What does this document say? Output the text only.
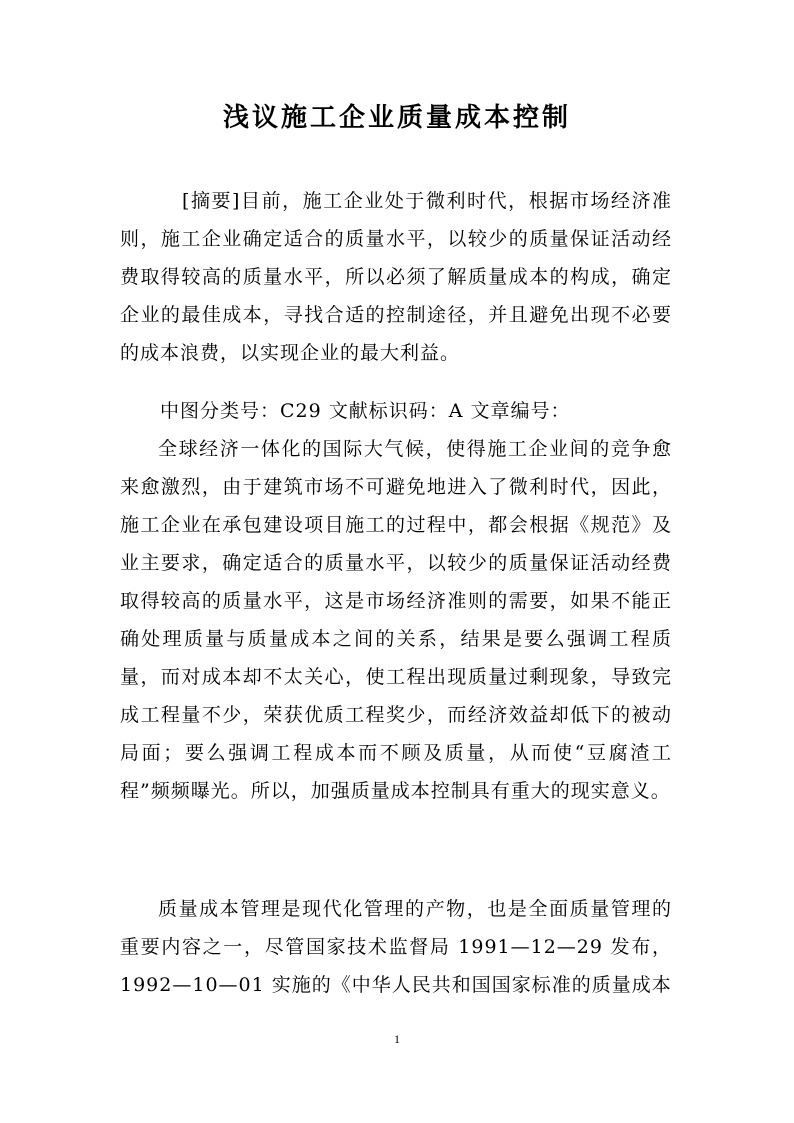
浅议施工企业质量成本控制

[摘要]目前，施工企业处于微利时代，根据市场经济准则，施工企业确定适合的质量水平，以较少的质量保证活动经费取得较高的质量水平，所以必须了解质量成本的构成，确定企业的最佳成本，寻找合适的控制途径，并且避免出现不必要的成本浪费，以实现企业的最大利益。

中图分类号：C29 文献标识码：A 文章编号：

全球经济一体化的国际大气候，使得施工企业间的竞争愈来愈激烈，由于建筑市场不可避免地进入了微利时代，因此，施工企业在承包建设项目施工的过程中，都会根据《规范》及业主要求，确定适合的质量水平，以较少的质量保证活动经费取得较高的质量水平，这是市场经济准则的需要，如果不能正确处理质量与质量成本之间的关系，结果是要么强调工程质量，而对成本却不太关心，使工程出现质量过剩现象，导致完成工程量不少，荣获优质工程奖少，而经济效益却低下的被动局面；要么强调工程成本而不顾及质量，从而使“豆腐渣工程”频频曝光。所以，加强质量成本控制具有重大的现实意义。

质量成本管理是现代化管理的产物，也是全面质量管理的重要内容之一，尽管国家技术监督局 1991—12—29 发布，1992—10—01 实施的《中华人民共和国国家标准的质量成本

1
